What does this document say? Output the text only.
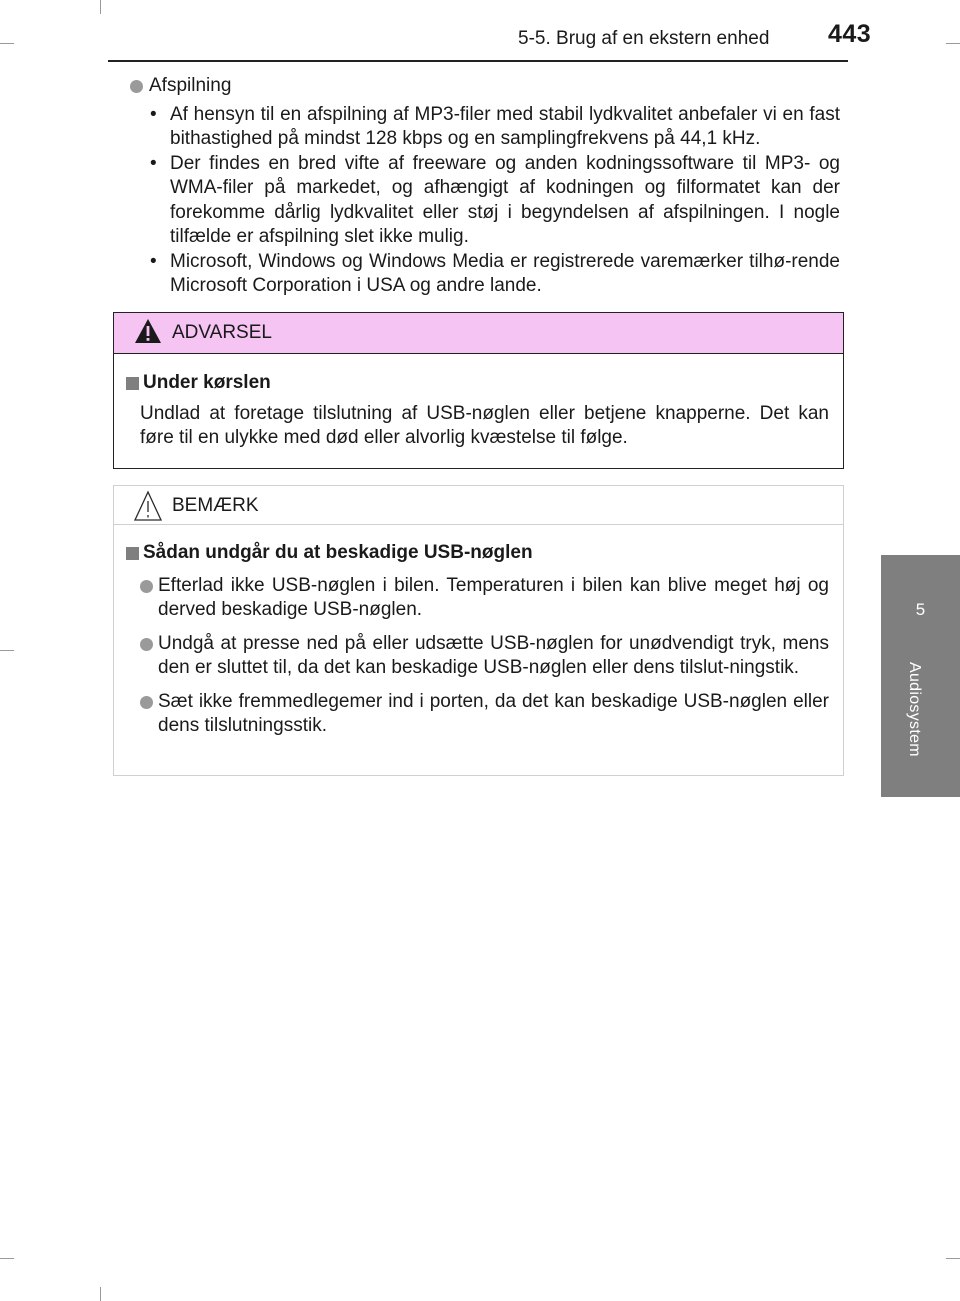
5-5. Brug af en ekstern enhed 443
5
Audiosystem
Afspilning
• Af hensyn til en afspilning af MP3-filer med stabil lydkvalitet anbefaler vi en fast bithastighed på mindst 128 kbps og en samplingfrekvens på 44,1 kHz.
• Der findes en bred vifte af freeware og anden kodningssoftware til MP3- og WMA-filer på markedet, og afhængigt af kodningen og filformatet kan der forekomme dårlig lydkvalitet eller støj i begyndelsen af afspilningen. I nogle tilfælde er afspilning slet ikke mulig.
• Microsoft, Windows og Windows Media er registrerede varemærker tilhø-rende Microsoft Corporation i USA og andre lande.
ADVARSEL
Under kørslen
Undlad at foretage tilslutning af USB-nøglen eller betjene knapperne. Det kan føre til en ulykke med død eller alvorlig kvæstelse til følge.
BEMÆRK
Sådan undgår du at beskadige USB-nøglen
Efterlad ikke USB-nøglen i bilen. Temperaturen i bilen kan blive meget høj og derved beskadige USB-nøglen.
Undgå at presse ned på eller udsætte USB-nøglen for unødvendigt tryk, mens den er sluttet til, da det kan beskadige USB-nøglen eller dens tilslut-ningstik.
Sæt ikke fremmedlegemer ind i porten, da det kan beskadige USB-nøglen eller dens tilslutningsstik.
